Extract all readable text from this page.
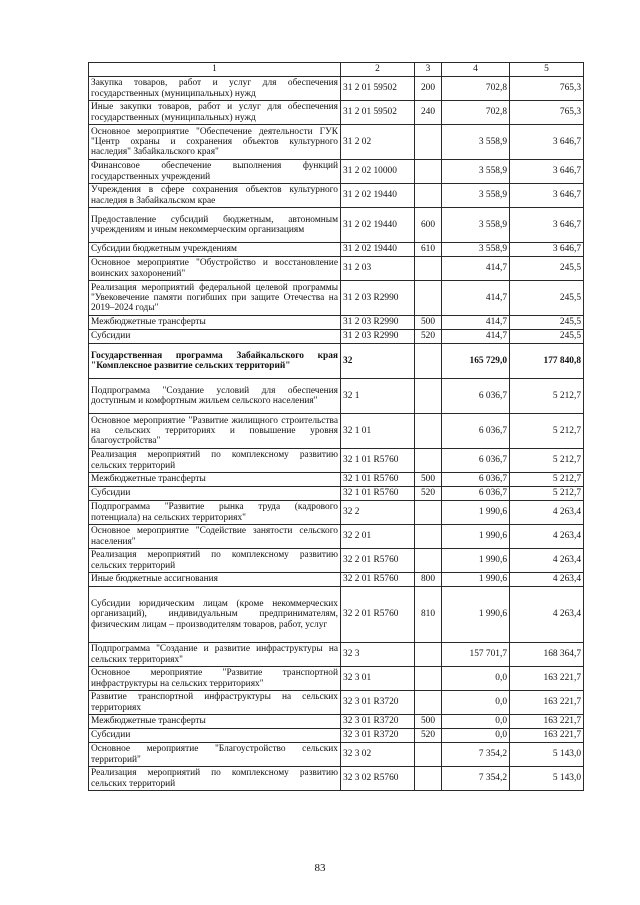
1	2	3	4	5
Закупка товаров, работ и услуг для обеспечения государственных (муниципальных) нужд	31 2 01 59502	200	702,8	765,3
Иные закупки товаров, работ и услуг для обеспечения государственных (муниципальных) нужд	31 2 01 59502	240	702,8	765,3
Основное мероприятие "Обеспечение деятельности ГУК "Центр охраны и сохранения объектов культурного наследия" Забайкальского края"	31 2 02		3 558,9	3 646,7
Финансовое обеспечение выполнения функций государственных учреждений	31 2 02 10000		3 558,9	3 646,7
Учреждения в сфере сохранения объектов культурного наследия в Забайкальском крае	31 2 02 19440		3 558,9	3 646,7
Предоставление субсидий бюджетным, автономным учреждениям и иным некоммерческим организациям	31 2 02 19440	600	3 558,9	3 646,7
Субсидии бюджетным учреждениям	31 2 02 19440	610	3 558,9	3 646,7
Основное мероприятие "Обустройство и восстановление воинских захоронений"	31 2 03		414,7	245,5
Реализация мероприятий федеральной целевой программы "Увековечение памяти погибших при защите Отечества на 2019–2024 годы"	31 2 03 R2990		414,7	245,5
Межбюджетные трансферты	31 2 03 R2990	500	414,7	245,5
Субсидии	31 2 03 R2990	520	414,7	245,5
Государственная программа Забайкальского края "Комплексное развитие сельских территорий"	32		165 729,0	177 840,8
Подпрограмма "Создание условий для обеспечения доступным и комфортным жильем сельского населения"	32 1		6 036,7	5 212,7
Основное мероприятие "Развитие жилищного строительства на сельских территориях и повышение уровня благоустройства"	32 1 01		6 036,7	5 212,7
Реализация мероприятий по комплексному развитию сельских территорий	32 1 01 R5760		6 036,7	5 212,7
Межбюджетные трансферты	32 1 01 R5760	500	6 036,7	5 212,7
Субсидии	32 1 01 R5760	520	6 036,7	5 212,7
Подпрограмма "Развитие рынка труда (кадрового потенциала) на сельских территориях"	32 2		1 990,6	4 263,4
Основное мероприятие "Содействие занятости сельского населения"	32 2 01		1 990,6	4 263,4
Реализация мероприятий по комплексному развитию сельских территорий	32 2 01 R5760		1 990,6	4 263,4
Иные бюджетные ассигнования	32 2 01 R5760	800	1 990,6	4 263,4
Субсидии юридическим лицам (кроме некоммерческих организаций), индивидуальным предпринимателям, физическим лицам – производителям товаров, работ, услуг	32 2 01 R5760	810	1 990,6	4 263,4
Подпрограмма "Создание и развитие инфраструктуры на сельских территориях"	32 3		157 701,7	168 364,7
Основное мероприятие "Развитие транспортной инфраструктуры на сельских территориях"	32 3 01		0,0	163 221,7
Развитие транспортной инфраструктуры на сельских территориях	32 3 01 R3720		0,0	163 221,7
Межбюджетные трансферты	32 3 01 R3720	500	0,0	163 221,7
Субсидии	32 3 01 R3720	520	0,0	163 221,7
Основное мероприятие "Благоустройство сельских территорий"	32 3 02		7 354,2	5 143,0
Реализация мероприятий по комплексному развитию сельских территорий	32 3 02 R5760		7 354,2	5 143,0
83
